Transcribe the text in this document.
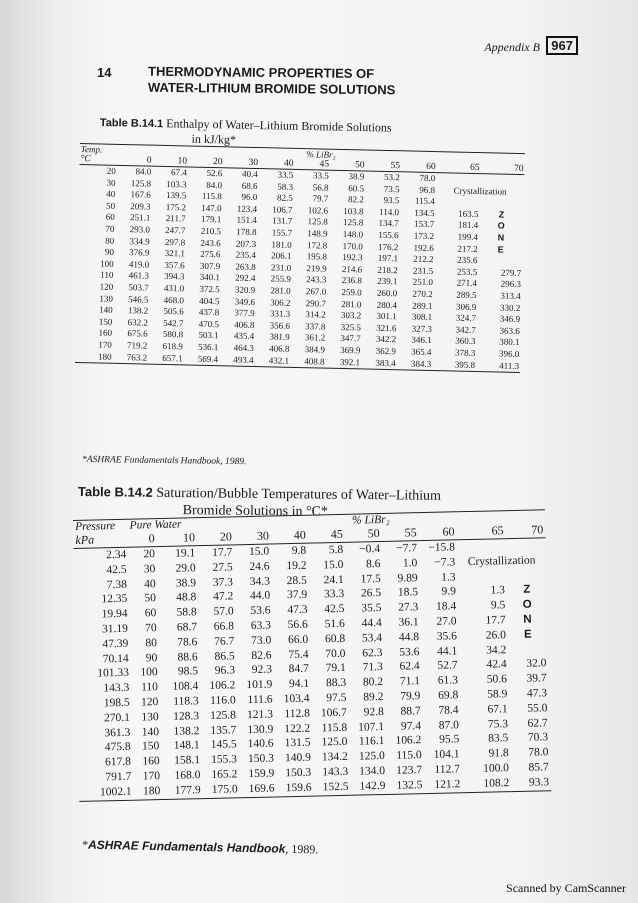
Appendix B 967
14	THERMODYNAMIC PROPERTIES OF
WATER-LITHIUM BROMIDE SOLUTIONS
Table B.14.1 Enthalpy of Water–Lithium Bromide Solutions
in kJ/kg*
Temp.	% LiBr₂										
°C	0	10	20	30	40	45	50	55	60	65	70
20	84.0	67.4	52.6	40.4	33.5	33.5	38.9	53.2	78.0		
30	125.8	103.3	84.0	68.6	58.3	56.8	60.5	73.5	96.8	Crystallization	
40	167.6	139.5	115.8	96.0	82.5	79.7	82.2	93.5	115.4		
50	209.3	175.2	147.0	123.4	106.7	102.6	103.8	114.0	134.5	163.5	Z
60	251.1	211.7	179.1	151.4	131.7	125.8	125.8	134.7	153.7	181.4	O
70	293.0	247.7	210.5	178.8	155.7	148.9	148.0	155.6	173.2	199.4	N
80	334.9	297.8	243.6	207.3	181.0	172.8	170.0	176.2	192.6	217.2	E
90	376.9	321.1	275.6	235.4	206.1	195.8	192.3	197.1	212.2	235.6	
100	419.0	357.6	307.9	263.8	231.0	219.9	214.6	218.2	231.5	253.5	279.7
110	461.3	394.3	340.1	292.4	255.9	243.3	236.8	239.1	251.0	271.4	296.3
120	503.7	431.0	372.5	320.9	281.0	267.0	259.0	260.0	270.2	289.5	313.4
130	546.5	468.0	404.5	349.6	306.2	290.7	281.0	280.4	289.1	306.9	330.2
140	138.2	505.6	437.8	377.9	331.3	314.2	303.2	301.1	308.1	324.7	346.9
150	632.2	542.7	470.5	406.8	356.6	337.8	325.5	321.6	327.3	342.7	363.6
160	675.6	580.8	503.1	435.4	381.9	361.2	347.7	342.2	346.1	360.3	380.1
170	719.2	618.9	536.1	464.3	406.8	384.9	369.9	362.9	365.4	378.3	396.0
180	763.2	657.1	569.4	493.4	432.1	408.8	392.1	383.4	384.3	395.8	411.3
*ASHRAE Fundamentals Handbook, 1989.
Table B.14.2 Saturation/Bubble Temperatures of Water–Lithium
Bromide Solutions in °C*
Pressure	Pure Water		% LiBr₂								
kPa	0	10	20	30	40	45	50	55	60	65	70
2.34	20	19.1	17.7	15.0	9.8	5.8	−0.4	−7.7	−15.8		
42.5	30	29.0	27.5	24.6	19.2	15.0	8.6	1.0	−7.3	Crystallization	
7.38	40	38.9	37.3	34.3	28.5	24.1	17.5	9.89	1.3		
12.35	50	48.8	47.2	44.0	37.9	33.3	26.5	18.5	9.9	1.3	Z
19.94	60	58.8	57.0	53.6	47.3	42.5	35.5	27.3	18.4	9.5	O
31.19	70	68.7	66.8	63.3	56.6	51.6	44.4	36.1	27.0	17.7	N
47.39	80	78.6	76.7	73.0	66.0	60.8	53.4	44.8	35.6	26.0	E
70.14	90	88.6	86.5	82.6	75.4	70.0	62.3	53.6	44.1	34.2	
101.33	100	98.5	96.3	92.3	84.7	79.1	71.3	62.4	52.7	42.4	32.0
143.3	110	108.4	106.2	101.9	94.1	88.3	80.2	71.1	61.3	50.6	39.7
198.5	120	118.3	116.0	111.6	103.4	97.5	89.2	79.9	69.8	58.9	47.3
270.1	130	128.3	125.8	121.3	112.8	106.7	92.8	88.7	78.4	67.1	55.0
361.3	140	138.2	135.7	130.9	122.2	115.8	107.1	97.4	87.0	75.3	62.7
475.8	150	148.1	145.5	140.6	131.5	125.0	116.1	106.2	95.5	83.5	70.3
617.8	160	158.1	155.3	150.3	140.9	134.2	125.0	115.0	104.1	91.8	78.0
791.7	170	168.0	165.2	159.9	150.3	143.3	134.0	123.7	112.7	100.0	85.7
1002.1	180	177.9	175.0	169.6	159.6	152.5	142.9	132.5	121.2	108.2	93.3
*ASHRAE Fundamentals Handbook, 1989.
Scanned by CamScanner
